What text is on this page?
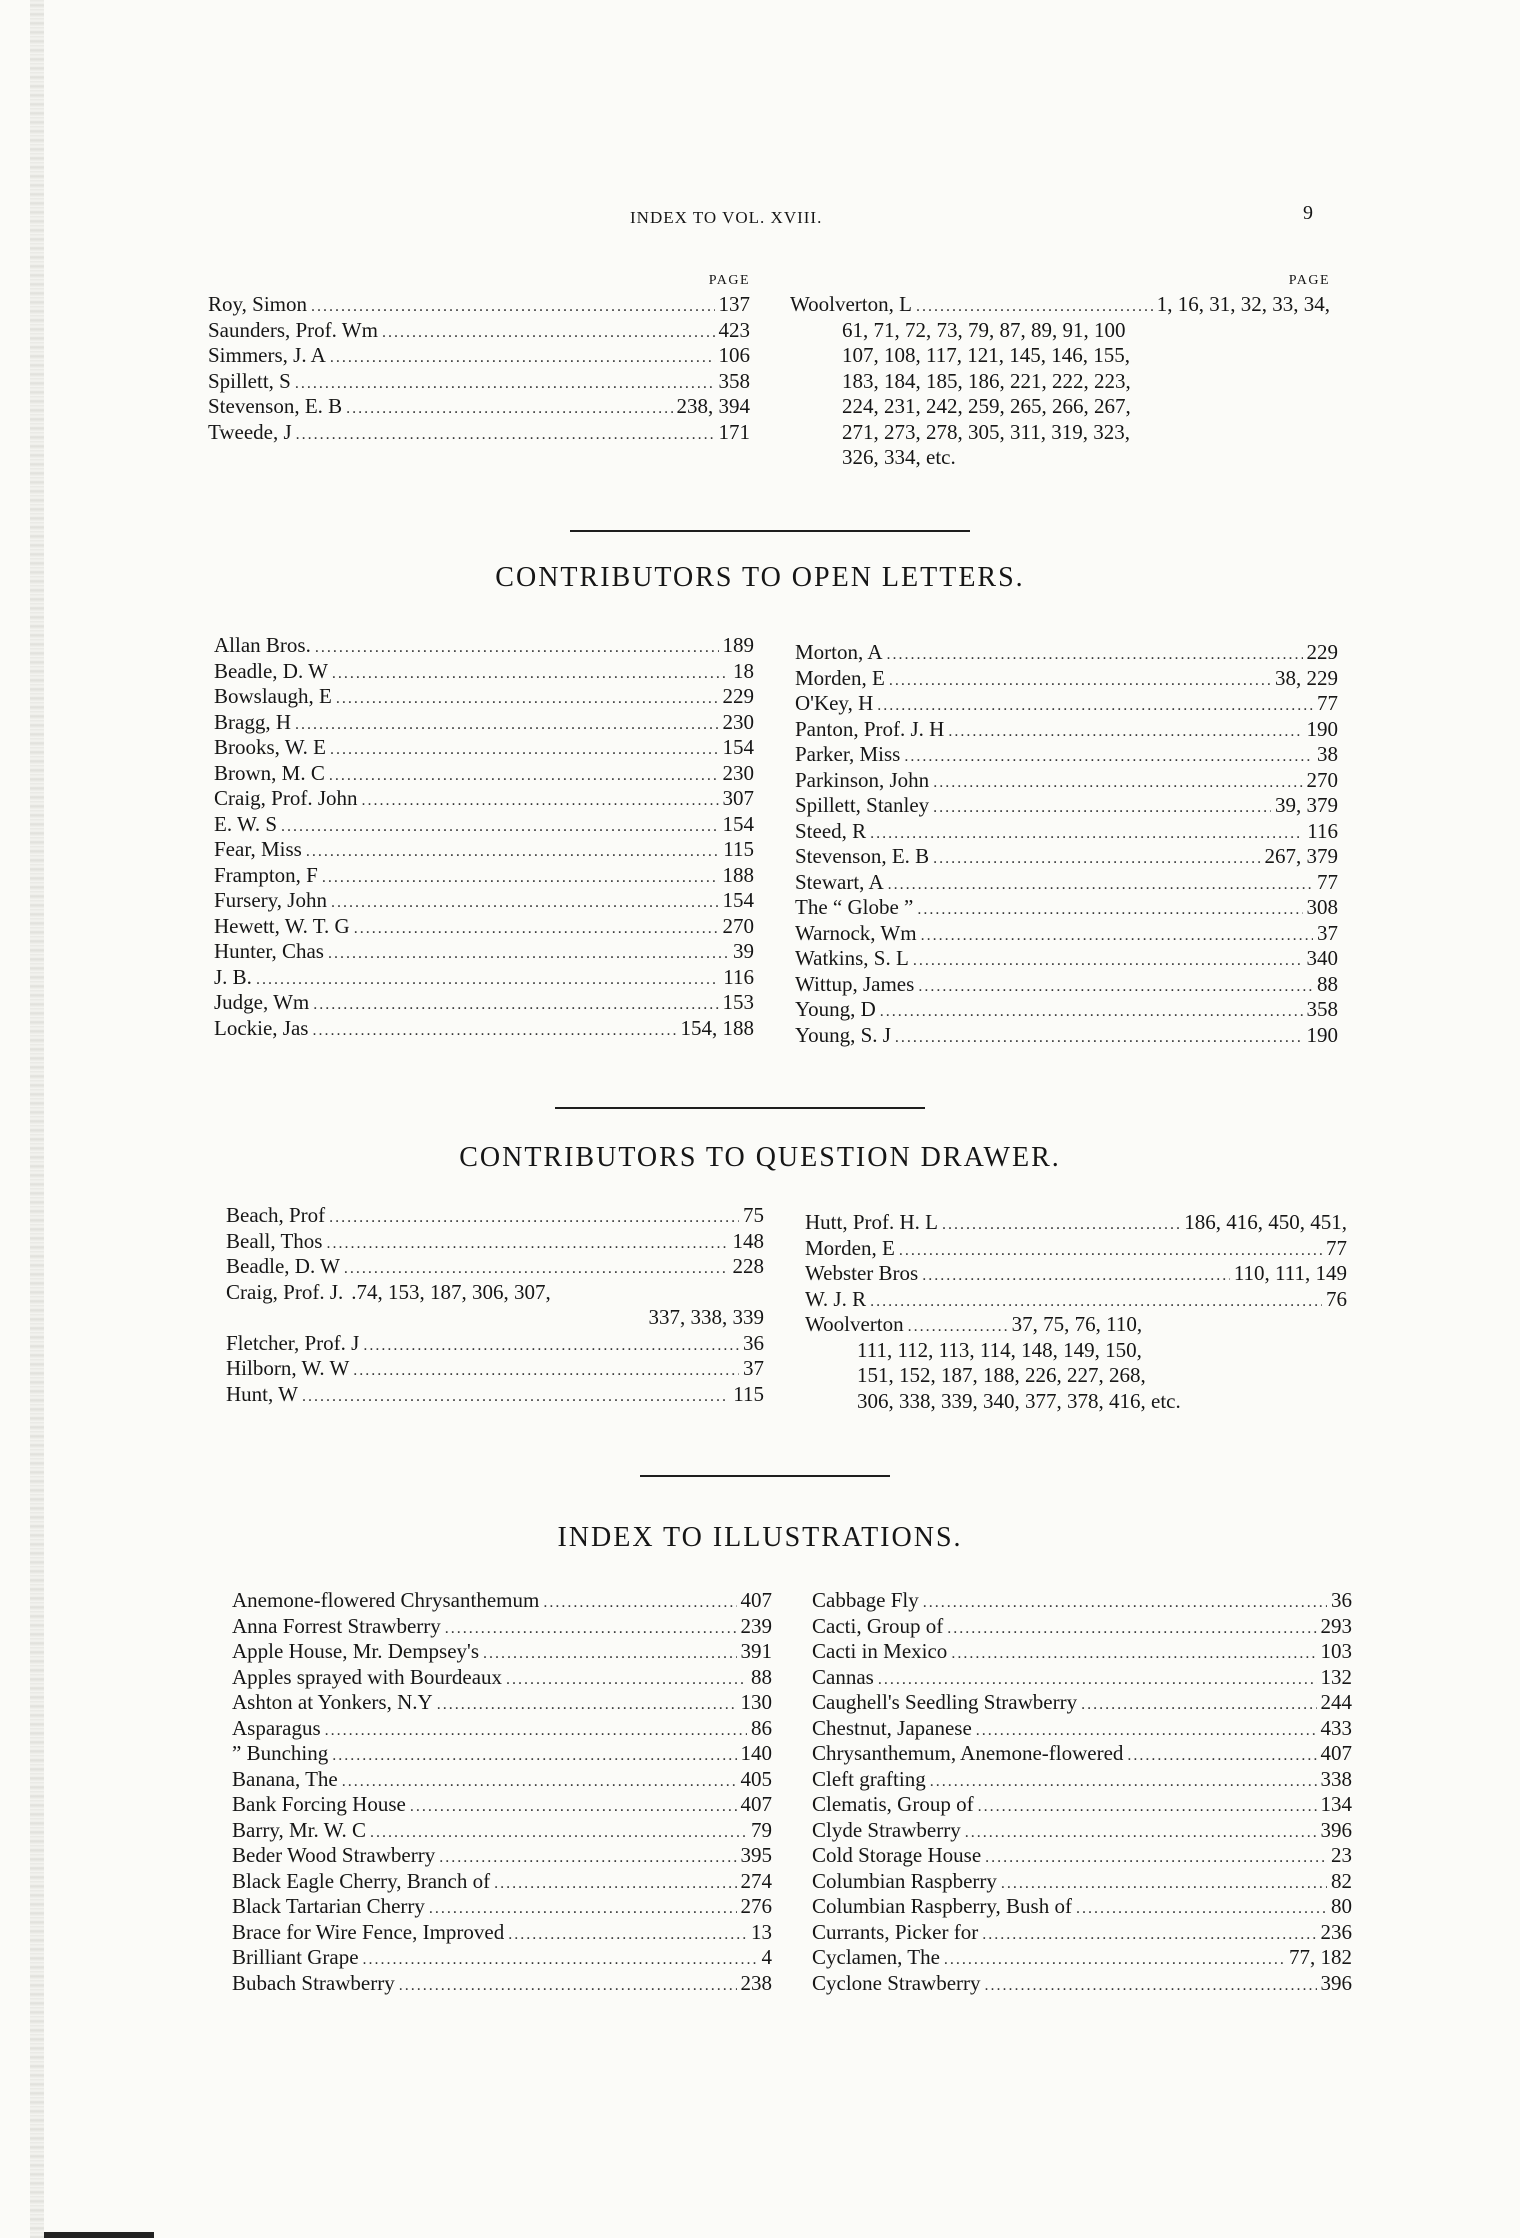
INDEX TO VOL. XVIII.	9
PAGE
Roy, Simon . . .	137
Saunders, Prof. Wm . . .	423
Simmers, J. A . . .	106
Spillett, S . . .	358
Stevenson, E. B . . .	238, 394
Tweede, J . . .	171
PAGE
Woolverton, L . . .	1, 16, 31, 32, 33, 34,
61, 71, 72, 73, 79, 87, 89, 91, 100
107, 108, 117, 121, 145, 146, 155,
183, 184, 185, 186, 221, 222, 223,
224, 231, 242, 259, 265, 266, 267,
271, 273, 278, 305, 311, 319, 323,
326, 334, etc.
CONTRIBUTORS TO OPEN LETTERS.
Allan Bros. . . .	189
Beadle, D. W . . .	18
Bowslaugh, E . . .	229
Bragg, H . . .	230
Brooks, W. E . . .	154
Brown, M. C . . .	230
Craig, Prof. John . . .	307
E. W. S . . .	154
Fear, Miss . . .	115
Frampton, F . . .	188
Fursery, John . . .	154
Hewett, W. T. G . . .	270
Hunter, Chas . . .	39
J. B. . . .	116
Judge, Wm . . .	153
Lockie, Jas . . .	154, 188
Morton, A . . .	229
Morden, E . . .	38, 229
O'Key, H . . .	77
Panton, Prof. J. H . . .	190
Parker, Miss . . .	38
Parkinson, John . . .	270
Spillett, Stanley . . .	39, 379
Steed, R . . .	116
Stevenson, E. B . . .	267, 379
Stewart, A . . .	77
The “ Globe ” . . .	308
Warnock, Wm . . .	37
Watkins, S. L . . .	340
Wittup, James . . .	88
Young, D . . .	358
Young, S. J . . .	190
CONTRIBUTORS TO QUESTION DRAWER.
Beach, Prof . . .	75
Beall, Thos . . .	148
Beadle, D. W . . .	228
Craig, Prof. J. .74, 153, 187, 306, 307,
337, 338, 339
Fletcher, Prof. J . . .	36
Hilborn, W. W . . .	37
Hunt, W . . .	115
Hutt, Prof. H. L . . .	186, 416, 450, 451,
Morden, E . . .	77
Webster Bros . . .	110, 111, 149
W. J. R . . .	76
Woolverton . . .	37, 75, 76, 110,
111, 112, 113, 114, 148, 149, 150,
151, 152, 187, 188, 226, 227, 268,
306, 338, 339, 340, 377, 378, 416, etc.
INDEX TO ILLUSTRATIONS.
Anemone-flowered Chrysanthemum . . .	407
Anna Forrest Strawberry . . .	239
Apple House, Mr. Dempsey's . . .	391
Apples sprayed with Bourdeaux . . .	88
Ashton at Yonkers, N.Y . . .	130
Asparagus . . .	86
” Bunching . . .	140
Banana, The . . .	405
Bank Forcing House . . .	407
Barry, Mr. W. C . . .	79
Beder Wood Strawberry . . .	395
Black Eagle Cherry, Branch of . . .	274
Black Tartarian Cherry . . .	276
Brace for Wire Fence, Improved . . .	13
Brilliant Grape . . .	4
Bubach Strawberry . . .	238
Cabbage Fly . . .	36
Cacti, Group of . . .	293
Cacti in Mexico . . .	103
Cannas . . .	132
Caughell's Seedling Strawberry . . .	244
Chestnut, Japanese . . .	433
Chrysanthemum, Anemone-flowered . . .	407
Cleft grafting . . .	338
Clematis, Group of . . .	134
Clyde Strawberry . . .	396
Cold Storage House . . .	23
Columbian Raspberry . . .	82
Columbian Raspberry, Bush of . . .	80
Currants, Picker for . . .	236
Cyclamen, The . . .	77, 182
Cyclone Strawberry . . .	396
